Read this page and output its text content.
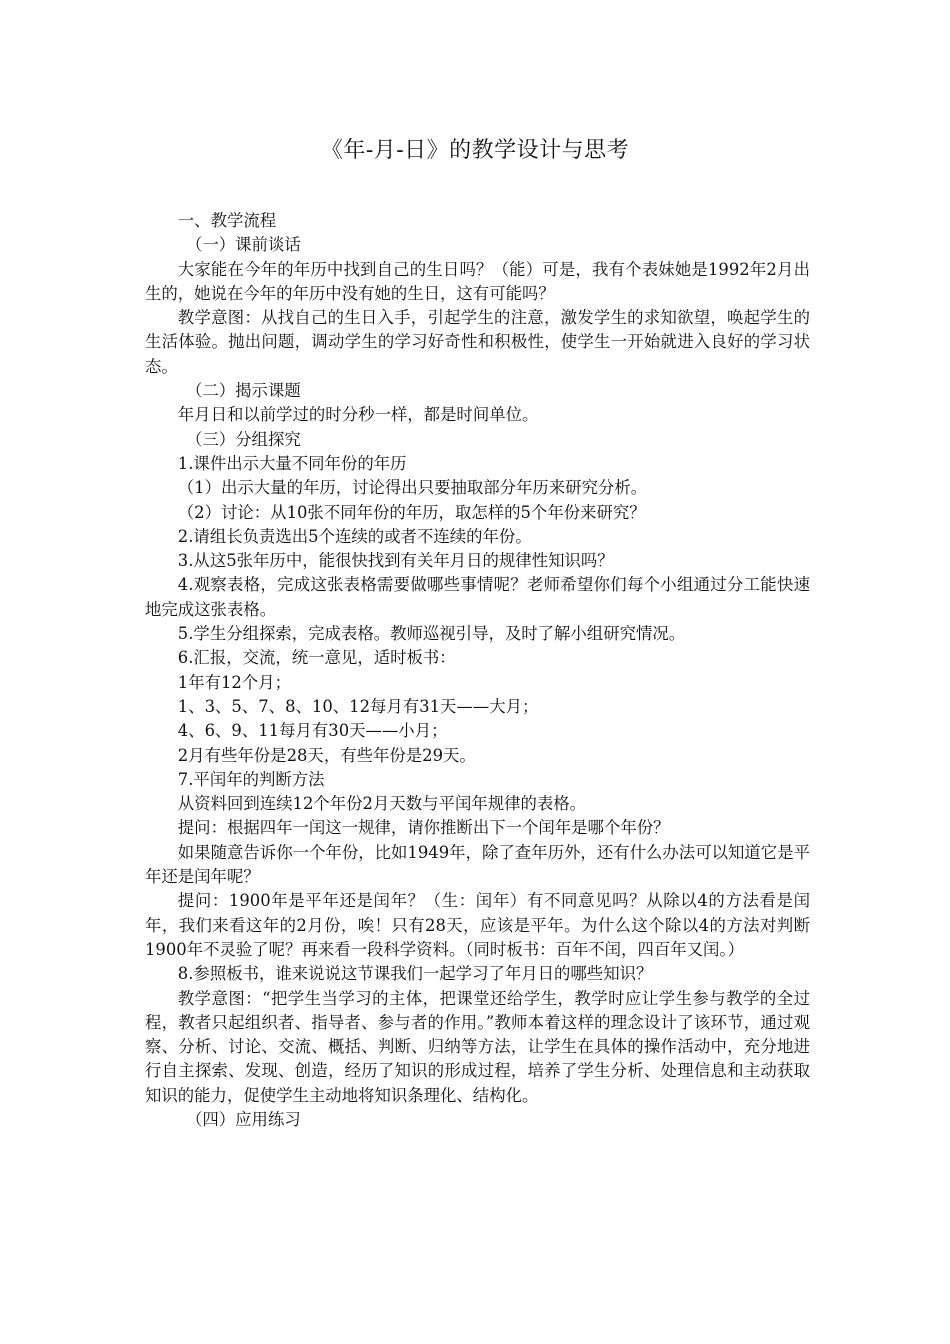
《年-月-日》的教学设计与思考

一、教学流程

（一）课前谈话

大家能在今年的年历中找到自己的生日吗？（能）可是，我有个表妹她是1992年2月出生的，她说在今年的年历中没有她的生日，这有可能吗？

教学意图：从找自己的生日入手，引起学生的注意，激发学生的求知欲望，唤起学生的生活体验。抛出问题，调动学生的学习好奇性和积极性，使学生一开始就进入良好的学习状态。

（二）揭示课题

年月日和以前学过的时分秒一样，都是时间单位。

（三）分组探究

1.课件出示大量不同年份的年历

（1）出示大量的年历，讨论得出只要抽取部分年历来研究分析。

（2）讨论：从10张不同年份的年历，取怎样的5个年份来研究？

2.请组长负责选出5个连续的或者不连续的年份。

3.从这5张年历中，能很快找到有关年月日的规律性知识吗？

4.观察表格，完成这张表格需要做哪些事情呢？老师希望你们每个小组通过分工能快速地完成这张表格。

5.学生分组探索，完成表格。教师巡视引导，及时了解小组研究情况。

6.汇报，交流，统一意见，适时板书：

1年有12个月；

1、3、5、7、8、10、12每月有31天——大月；

4、6、9、11每月有30天——小月；

2月有些年份是28天，有些年份是29天。

7.平闰年的判断方法

从资料回到连续12个年份2月天数与平闰年规律的表格。

提问：根据四年一闰这一规律，请你推断出下一个闰年是哪个年份？

如果随意告诉你一个年份，比如1949年，除了查年历外，还有什么办法可以知道它是平年还是闰年呢？

提问：1900年是平年还是闰年？（生：闰年）有不同意见吗？从除以4的方法看是闰年，我们来看这年的2月份，唉！只有28天，应该是平年。为什么这个除以4的方法对判断1900年不灵验了呢？再来看一段科学资料。（同时板书：百年不闰，四百年又闰。）

8.参照板书，谁来说说这节课我们一起学习了年月日的哪些知识？

教学意图：“把学生当学习的主体，把课堂还给学生，教学时应让学生参与教学的全过程，教者只起组织者、指导者、参与者的作用。”教师本着这样的理念设计了该环节，通过观察、分析、讨论、交流、概括、判断、归纳等方法，让学生在具体的操作活动中，充分地进行自主探索、发现、创造，经历了知识的形成过程，培养了学生分析、处理信息和主动获取知识的能力，促使学生主动地将知识条理化、结构化。

（四）应用练习
